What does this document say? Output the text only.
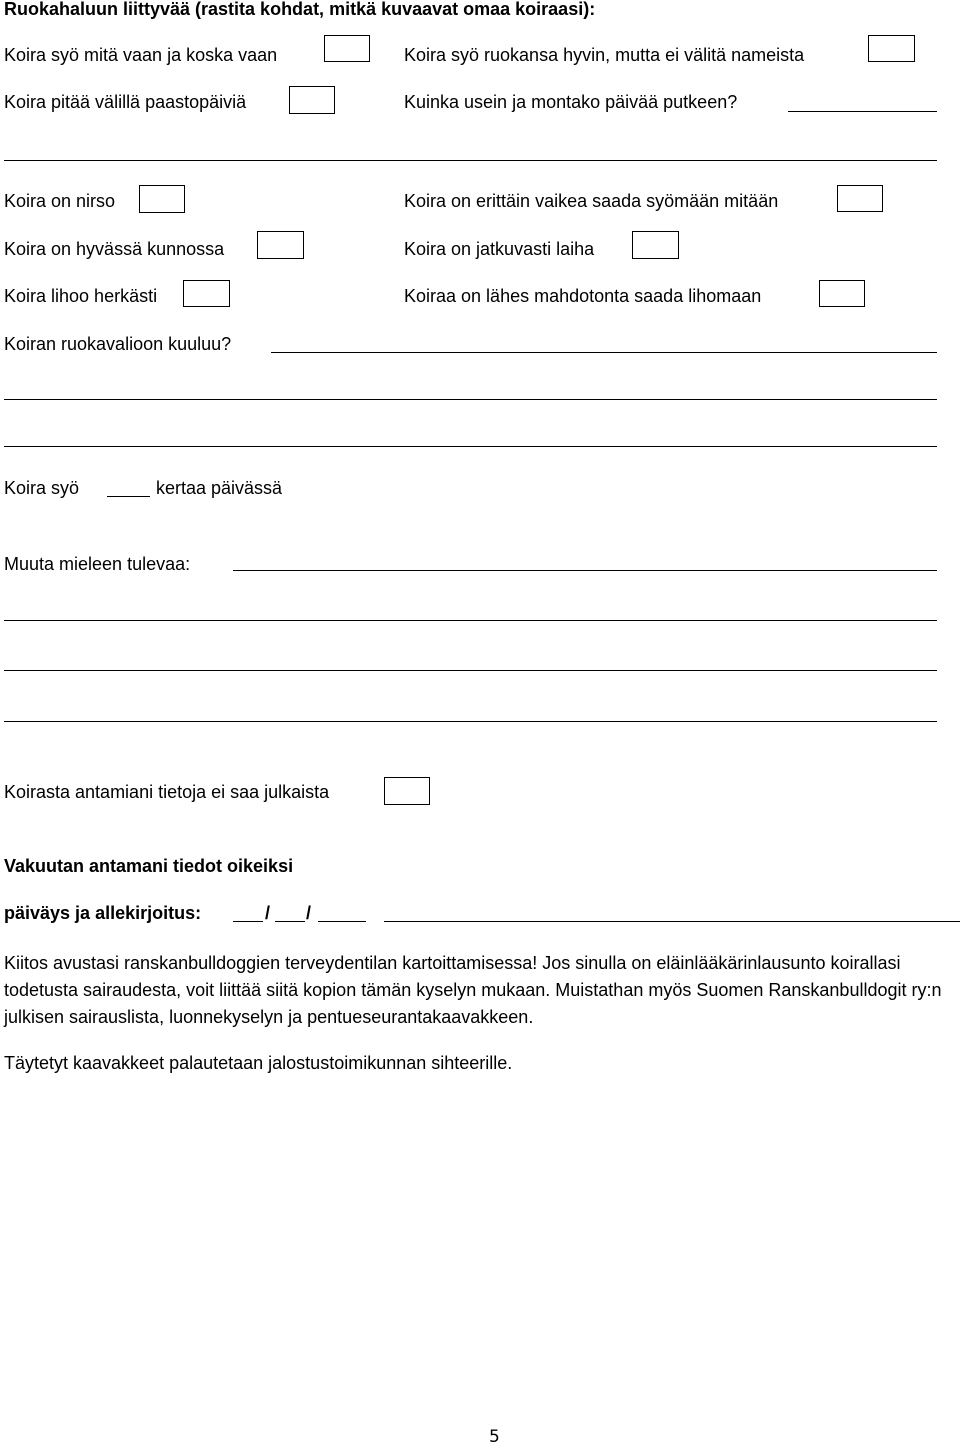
Ruokahaluun liittyvää (rastita kohdat, mitkä kuvaavat omaa koiraasi):
Koira syö mitä vaan ja koska vaan	Koira syö ruokansa hyvin, mutta ei välitä nameista
Koira pitää välillä paastopäiviä	Kuinka usein ja montako päivää putkeen?
Koira on nirso	Koira on erittäin vaikea saada syömään mitään
Koira on hyvässä kunnossa	Koira on jatkuvasti laiha
Koira lihoo herkästi	Koiraa on lähes mahdotonta saada lihomaan
Koiran ruokavalioon kuuluu?
Koira syö	kertaa päivässä
Muuta mieleen tulevaa:
Koirasta antamiani tietoja ei saa julkaista
Vakuutan antamani tiedot oikeiksi
päiväys ja allekirjoitus:	/ /
Kiitos avustasi ranskanbulldoggien terveydentilan kartoittamisessa! Jos sinulla on eläinlääkärinlausunto koirallasi todetusta sairaudesta, voit liittää siitä kopion tämän kyselyn mukaan. Muistathan myös Suomen Ranskanbulldogit ry:n julkisen sairauslista, luonnekyselyn ja pentueseurantakaavakkeen.
Täytetyt kaavakkeet palautetaan jalostustoimikunnan sihteerille.
5
